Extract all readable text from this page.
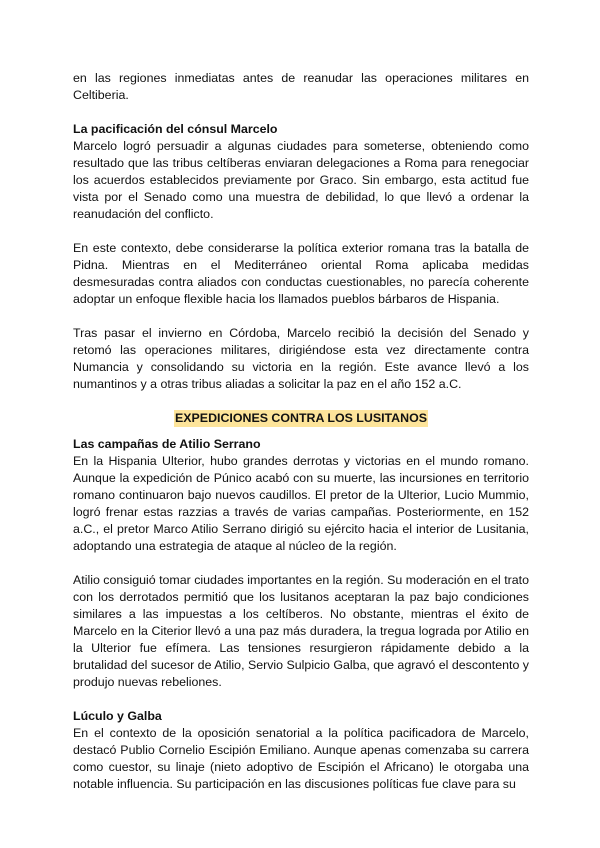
en las regiones inmediatas antes de reanudar las operaciones militares en Celtiberia.

La pacificación del cónsul Marcelo

Marcelo logró persuadir a algunas ciudades para someterse, obteniendo como resultado que las tribus celtíberas enviaran delegaciones a Roma para renegociar los acuerdos establecidos previamente por Graco. Sin embargo, esta actitud fue vista por el Senado como una muestra de debilidad, lo que llevó a ordenar la reanudación del conflicto.

En este contexto, debe considerarse la política exterior romana tras la batalla de Pidna. Mientras en el Mediterráneo oriental Roma aplicaba medidas desmesuradas contra aliados con conductas cuestionables, no parecía coherente adoptar un enfoque flexible hacia los llamados pueblos bárbaros de Hispania.

Tras pasar el invierno en Córdoba, Marcelo recibió la decisión del Senado y retomó las operaciones militares, dirigiéndose esta vez directamente contra Numancia y consolidando su victoria en la región. Este avance llevó a los numantinos y a otras tribus aliadas a solicitar la paz en el año 152 a.C.

EXPEDICIONES CONTRA LOS LUSITANOS
Las campañas de Atilio Serrano

En la Hispania Ulterior, hubo grandes derrotas y victorias en el mundo romano. Aunque la expedición de Púnico acabó con su muerte, las incursiones en territorio romano continuaron bajo nuevos caudillos. El pretor de la Ulterior, Lucio Mummio, logró frenar estas razzias a través de varias campañas. Posteriormente, en 152 a.C., el pretor Marco Atilio Serrano dirigió su ejército hacia el interior de Lusitania, adoptando una estrategia de ataque al núcleo de la región.

Atilio consiguió tomar ciudades importantes en la región. Su moderación en el trato con los derrotados permitió que los lusitanos aceptaran la paz bajo condiciones similares a las impuestas a los celtíberos. No obstante, mientras el éxito de Marcelo en la Citerior llevó a una paz más duradera, la tregua lograda por Atilio en la Ulterior fue efímera. Las tensiones resurgieron rápidamente debido a la brutalidad del sucesor de Atilio, Servio Sulpicio Galba, que agravó el descontento y produjo nuevas rebeliones.

Lúculo y Galba

En el contexto de la oposición senatorial a la política pacificadora de Marcelo, destacó Publio Cornelio Escipión Emiliano. Aunque apenas comenzaba su carrera como cuestor, su linaje (nieto adoptivo de Escipión el Africano) le otorgaba una notable influencia. Su participación en las discusiones políticas fue clave para su
